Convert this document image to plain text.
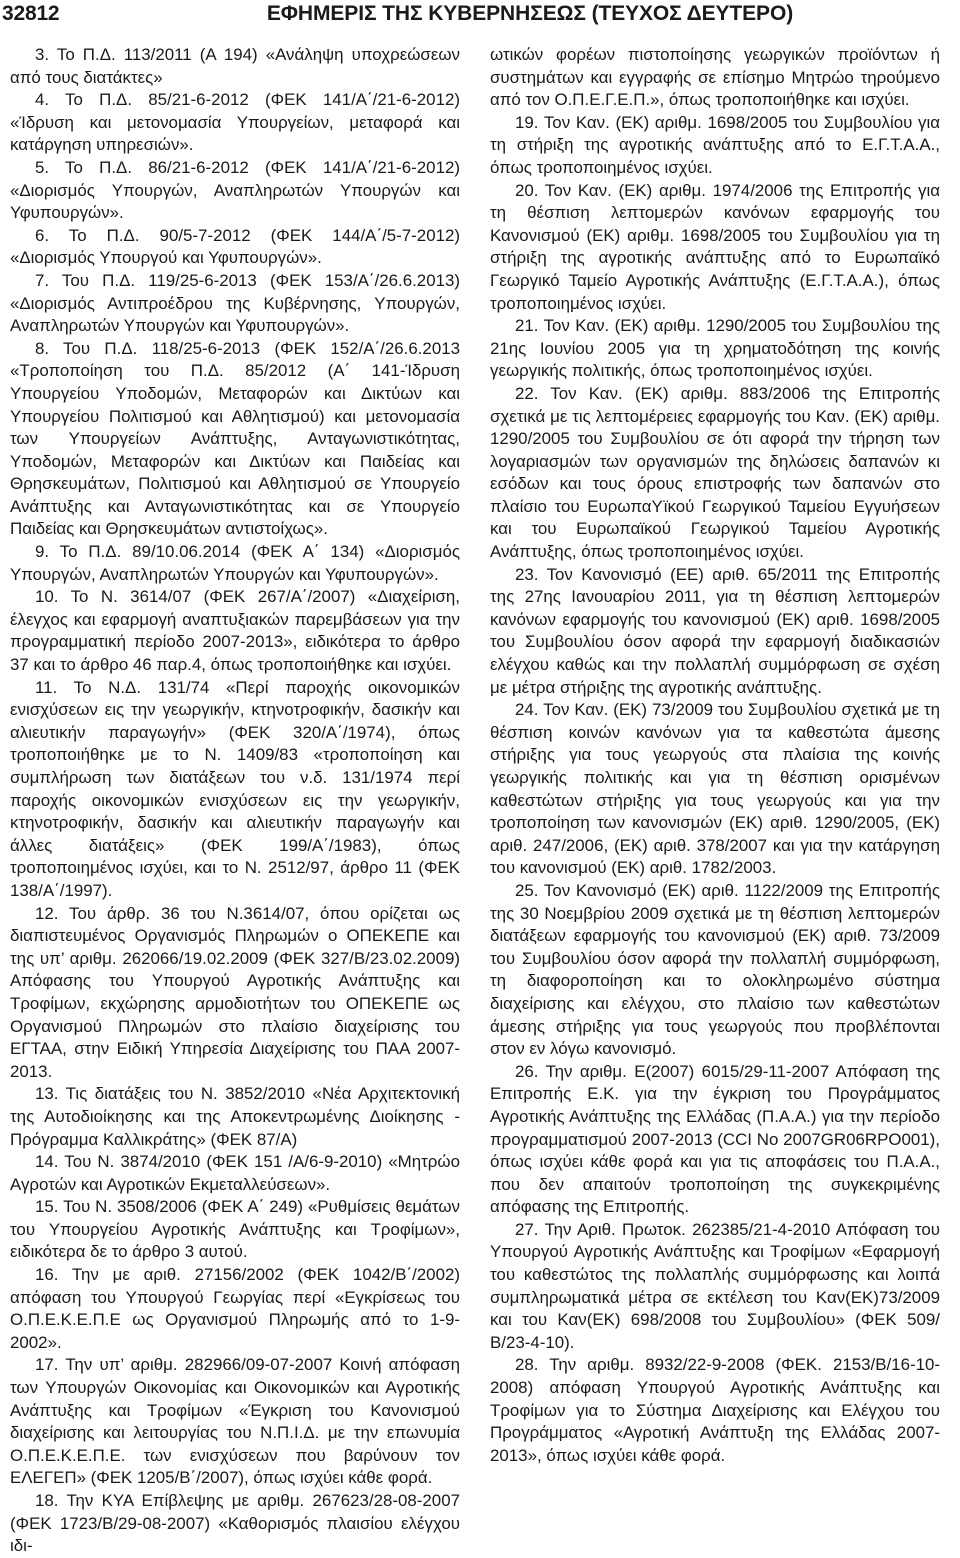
32812	ΕΦΗΜΕΡΙΣ ΤΗΣ ΚΥΒΕΡΝΗΣΕΩΣ (ΤΕΥΧΟΣ ΔΕΥΤΕΡΟ)

3. Το Π.Δ. 113/2011 (Α 194) «Ανάληψη υποχρεώσεων από τους διατάκτες»

4. Το Π.Δ. 85/21-6-2012 (ΦΕΚ 141/Α΄/21-6-2012) «Ίδρυση και μετονομασία Υπουργείων, μεταφορά και κατάργηση υπηρεσιών».

5. Το Π.Δ. 86/21-6-2012 (ΦΕΚ 141/Α΄/21-6-2012) «Διορισμός Υπουργών, Αναπληρωτών Υπουργών και Υφυπουργών».

6. Το Π.Δ. 90/5-7-2012 (ΦΕΚ 144/Α΄/5-7-2012) «Διορισμός Υπουργού και Υφυπουργών».

7. Του Π.Δ. 119/25-6-2013 (ΦΕΚ 153/Α΄/26.6.2013) «Διορισμός Αντιπροέδρου της Κυβέρνησης, Υπουργών, Αναπληρωτών Υπουργών και Υφυπουργών».

8. Του Π.Δ. 118/25-6-2013 (ΦΕΚ 152/Α΄/26.6.2013 «Τροποποίηση του Π.Δ. 85/2012 (Α΄ 141-Ίδρυση Υπουργείου Υποδομών, Μεταφορών και Δικτύων και Υπουργείου Πολιτισμού και Αθλητισμού) και μετονομασία των Υπουργείων Ανάπτυξης, Ανταγωνιστικότητας, Υποδομών, Μεταφορών και Δικτύων και Παιδείας και Θρησκευμάτων, Πολιτισμού και Αθλητισμού σε Υπουργείο Ανάπτυξης και Ανταγωνιστικότητας και σε Υπουργείο Παιδείας και Θρησκευμάτων αντιστοίχως».

9. Το Π.Δ. 89/10.06.2014 (ΦΕΚ Α΄ 134) «Διορισμός Υπουργών, Αναπληρωτών Υπουργών και Υφυπουργών».

10. Το Ν. 3614/07 (ΦΕΚ 267/Α΄/2007) «Διαχείριση, έλεγχος και εφαρμογή αναπτυξιακών παρεμβάσεων για την προγραμματική περίοδο 2007-2013», ειδικότερα το άρθρο 37 και το άρθρο 46 παρ.4, όπως τροποποιήθηκε και ισχύει.

11. Το Ν.Δ. 131/74 «Περί παροχής οικονομικών ενισχύσεων εις την γεωργικήν, κτηνοτροφικήν, δασικήν και αλιευτικήν παραγωγήν» (ΦΕΚ 320/Α΄/1974), όπως τροποποιήθηκε με το Ν. 1409/83 «τροποποίηση και συμπλήρωση των διατάξεων του ν.δ. 131/1974 περί παροχής οικονομικών ενισχύσεων εις την γεωργικήν, κτηνοτροφικήν, δασικήν και αλιευτικήν παραγωγήν και άλλες διατάξεις» (ΦΕΚ 199/Α΄/1983), όπως τροποποιημένος ισχύει, και το Ν. 2512/97, άρθρο 11 (ΦΕΚ 138/Α΄/1997).

12. Του άρθρ. 36 του Ν.3614/07, όπου ορίζεται ως διαπιστευμένος Οργανισμός Πληρωμών ο ΟΠΕΚΕΠΕ και της υπ’ αριθμ. 262066/19.02.2009 (ΦΕΚ 327/Β/23.02.2009) Απόφασης του Υπουργού Αγροτικής Ανάπτυξης και Τροφίμων, εκχώρησης αρμοδιοτήτων του ΟΠΕΚΕΠΕ ως Οργανισμού Πληρωμών στο πλαίσιο διαχείρισης του ΕΓΤΑΑ, στην Ειδική Υπηρεσία Διαχείρισης του ΠΑΑ 2007-2013.

13. Τις διατάξεις του Ν. 3852/2010 «Νέα Αρχιτεκτονική της Αυτοδιοίκησης και της Αποκεντρωμένης Διοίκησης - Πρόγραμμα Καλλικράτης» (ΦΕΚ 87/Α)

14. Του Ν. 3874/2010 (ΦΕΚ 151 /Α/6-9-2010) «Μητρώο Αγροτών και Αγροτικών Εκμεταλλεύσεων».

15. Του Ν. 3508/2006 (ΦΕΚ Α΄ 249) «Ρυθμίσεις θεμάτων του Υπουργείου Αγροτικής Ανάπτυξης και Τροφίμων», ειδικότερα δε το άρθρο 3 αυτού.

16. Την με αριθ. 27156/2002 (ΦΕΚ 1042/Β΄/2002) απόφαση του Υπουργού Γεωργίας περί «Εγκρίσεως του Ο.Π.Ε.Κ.Ε.Π.Ε ως Οργανισμού Πληρωμής από το 1-9-2002».

17. Την υπ’ αριθμ. 282966/09-07-2007 Κοινή απόφαση των Υπουργών Οικονομίας και Οικονομικών και Αγροτικής Ανάπτυξης και Τροφίμων «Έγκριση του Κανονισμού διαχείρισης και λειτουργίας του Ν.Π.Ι.Δ. με την επωνυμία Ο.Π.Ε.Κ.Ε.Π.Ε. των ενισχύσεων που βαρύνουν τον ΕΛΕΓΕΠ» (ΦΕΚ 1205/Β΄/2007), όπως ισχύει κάθε φορά.

18. Την ΚΥΑ Επίβλεψης με αριθμ. 267623/28-08-2007 (ΦΕΚ 1723/Β/29-08-2007) «Καθορισμός πλαισίου ελέγχου ιδι-

ωτικών φορέων πιστοποίησης γεωργικών προϊόντων ή συστημάτων και εγγραφής σε επίσημο Μητρώο τηρούμενο από τον Ο.Π.Ε.Γ.Ε.Π.», όπως τροποποιήθηκε και ισχύει.

19. Τον Καν. (ΕΚ) αριθμ. 1698/2005 του Συμβουλίου για τη στήριξη της αγροτικής ανάπτυξης από το Ε.Γ.Τ.Α.Α., όπως τροποποιημένος ισχύει.

20. Τον Καν. (ΕΚ) αριθμ. 1974/2006 της Επιτροπής για τη θέσπιση λεπτομερών κανόνων εφαρμογής του Κανονισμού (ΕΚ) αριθμ. 1698/2005 του Συμβουλίου για τη στήριξη της αγροτικής ανάπτυξης από το Ευρωπαϊκό Γεωργικό Ταμείο Αγροτικής Ανάπτυξης (Ε.Γ.Τ.Α.Α.), όπως τροποποιημένος ισχύει.

21. Τον Καν. (ΕΚ) αριθμ. 1290/2005 του Συμβουλίου της 21ης Ιουνίου 2005 για τη χρηματοδότηση της κοινής γεωργικής πολιτικής, όπως τροποποιημένος ισχύει.

22. Τον Καν. (ΕΚ) αριθμ. 883/2006 της Επιτροπής σχετικά με τις λεπτομέρειες εφαρμογής του Καν. (ΕΚ) αριθμ. 1290/2005 του Συμβουλίου σε ότι αφορά την τήρηση των λογαριασμών των οργανισμών της δηλώσεις δαπανών κι εσόδων και τους όρους επιστροφής των δαπανών στο πλαίσιο του ΕυρωπαΥϊκού Γεωργικού Ταμείου Εγγυήσεων και του Ευρωπαϊκού Γεωργικού Ταμείου Αγροτικής Ανάπτυξης, όπως τροποποιημένος ισχύει.

23. Τον Κανονισμό (ΕΕ) αριθ. 65/2011 της Επιτροπής της 27ης Ιανουαρίου 2011, για τη θέσπιση λεπτομερών κανόνων εφαρμογής του κανονισμού (ΕΚ) αριθ. 1698/2005 του Συμβουλίου όσον αφορά την εφαρμογή διαδικασιών ελέγχου καθώς και την πολλαπλή συμμόρφωση σε σχέση με μέτρα στήριξης της αγροτικής ανάπτυξης.

24. Τον Καν. (ΕΚ) 73/2009 του Συμβουλίου σχετικά με τη θέσπιση κοινών κανόνων για τα καθεστώτα άμεσης στήριξης για τους γεωργούς στα πλαίσια της κοινής γεωργικής πολιτικής και για τη θέσπιση ορισμένων καθεστώτων στήριξης για τους γεωργούς και για την τροποποίηση των κανονισμών (ΕΚ) αριθ. 1290/2005, (ΕΚ) αριθ. 247/2006, (ΕΚ) αριθ. 378/2007 και για την κατάργηση του κανονισμού (ΕΚ) αριθ. 1782/2003.

25. Τον Κανονισμό (ΕΚ) αριθ. 1122/2009 της Επιτροπής της 30 Νοεμβρίου 2009 σχετικά με τη θέσπιση λεπτομερών διατάξεων εφαρμογής του κανονισμού (ΕΚ) αριθ. 73/2009 του Συμβουλίου όσον αφορά την πολλαπλή συμμόρφωση, τη διαφοροποίηση και το ολοκληρωμένο σύστημα διαχείρισης και ελέγχου, στο πλαίσιο των καθεστώτων άμεσης στήριξης για τους γεωργούς που προβλέπονται στον εν λόγω κανονισμό.

26. Την αριθμ. Ε(2007) 6015/29-11-2007 Απόφαση της Επιτροπής Ε.Κ. για την έγκριση του Προγράμματος Αγροτικής Ανάπτυξης της Ελλάδας (Π.Α.Α.) για την περίοδο προγραμματισμού 2007-2013 (CCI No 2007GR06RPO001), όπως ισχύει κάθε φορά και για τις αποφάσεις του Π.Α.Α., που δεν απαιτούν τροποποίηση της συγκεκριμένης απόφασης της Επιτροπής.

27. Την Αριθ. Πρωτοκ. 262385/21-4-2010 Απόφαση του Υπουργού Αγροτικής Ανάπτυξης και Τροφίμων «Εφαρμογή του καθεστώτος της πολλαπλής συμμόρφωσης και λοιπά συμπληρωματικά μέτρα σε εκτέλεση του Καν(ΕΚ)73/2009 και του Καν(ΕΚ) 698/2008 του Συμβουλίου» (ΦΕΚ 509/Β/23-4-10).

28. Την αριθμ. 8932/22-9-2008 (ΦΕΚ. 2153/Β/16-10-2008) απόφαση Υπουργού Αγροτικής Ανάπτυξης και Τροφίμων για το Σύστημα Διαχείρισης και Ελέγχου του Προγράμματος «Αγροτική Ανάπτυξη της Ελλάδας 2007-2013», όπως ισχύει κάθε φορά.
